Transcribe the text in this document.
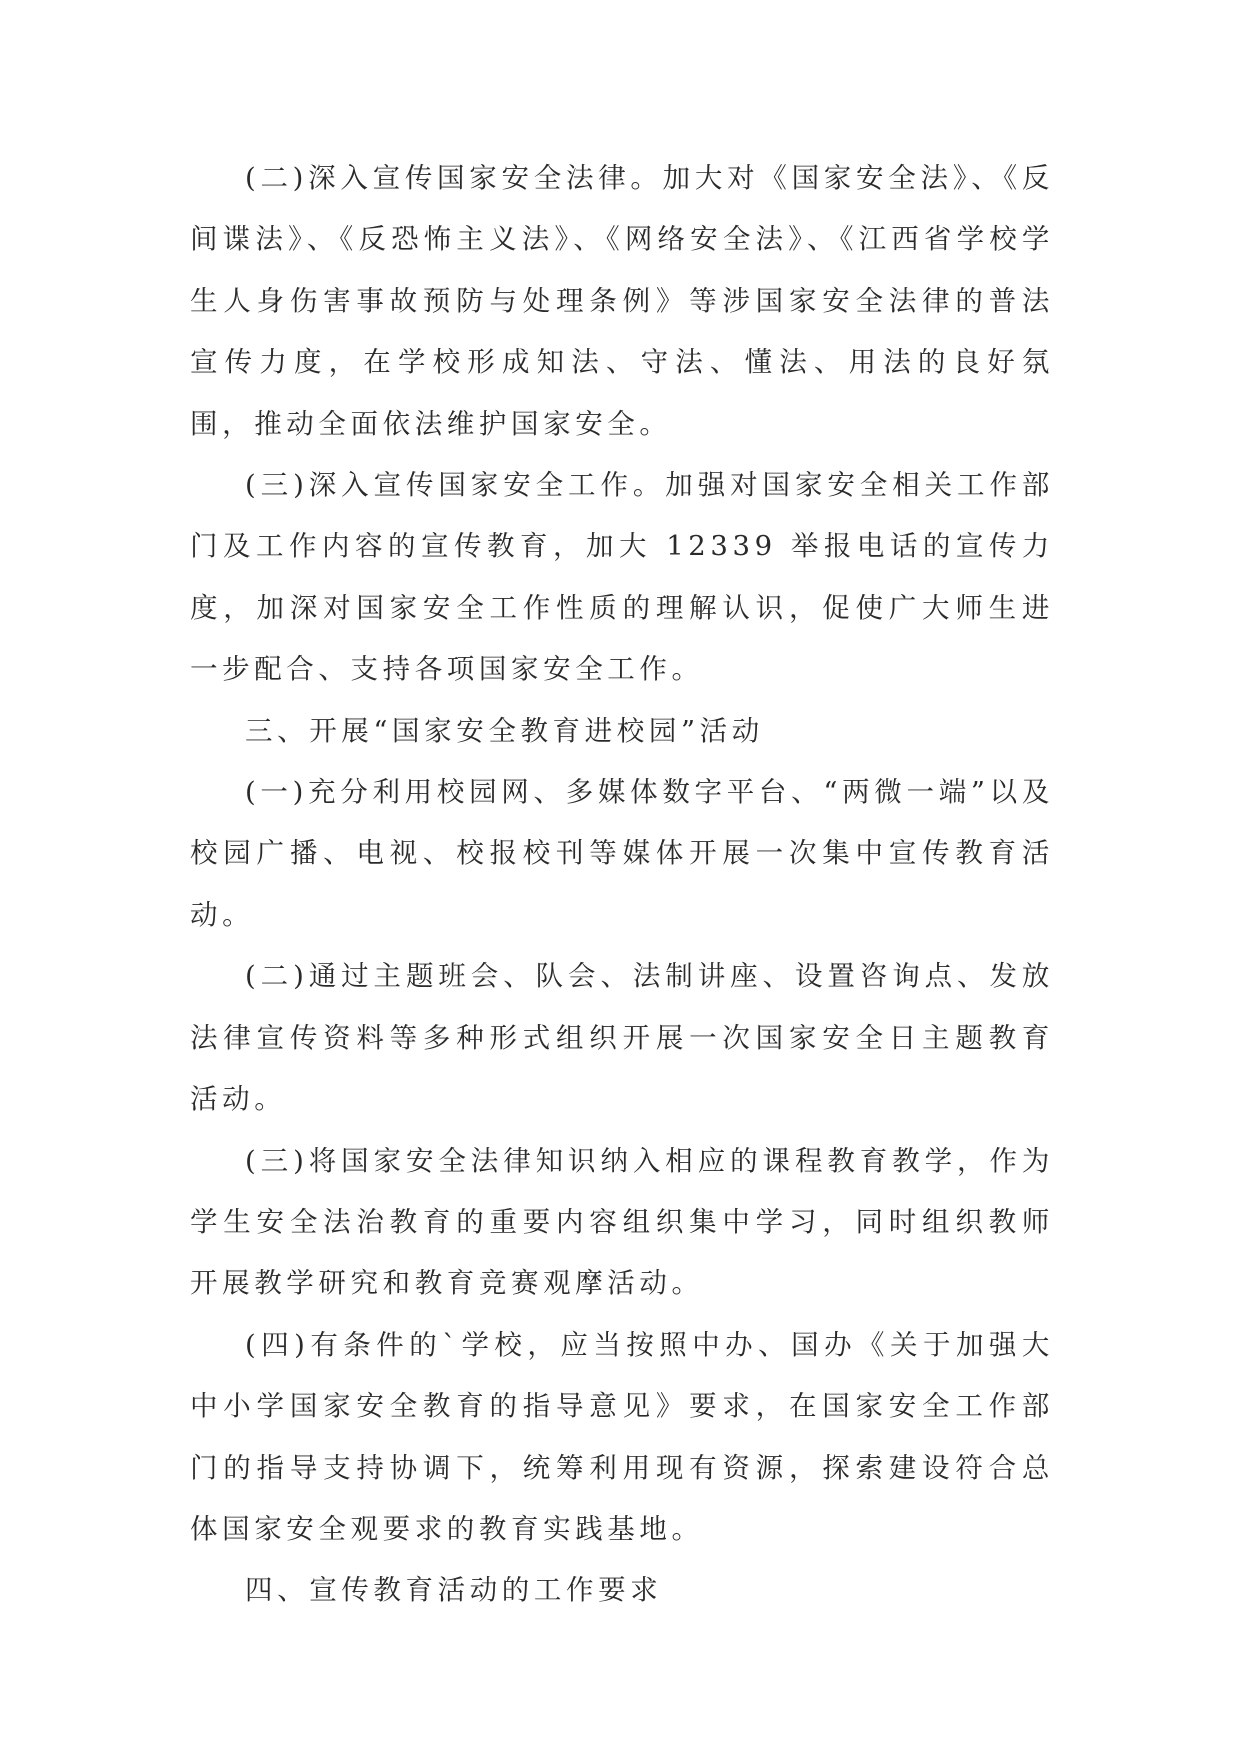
(二)深入宣传国家安全法律。加大对《国家安全法》、《反间谍法》、《反恐怖主义法》、《网络安全法》、《江西省学校学生人身伤害事故预防与处理条例》等涉国家安全法律的普法宣传力度，在学校形成知法、守法、懂法、用法的良好氛围，推动全面依法维护国家安全。

(三)深入宣传国家安全工作。加强对国家安全相关工作部门及工作内容的宣传教育，加大 12339 举报电话的宣传力度，加深对国家安全工作性质的理解认识，促使广大师生进一步配合、支持各项国家安全工作。

三、开展“国家安全教育进校园”活动

(一)充分利用校园网、多媒体数字平台、“两微一端”以及校园广播、电视、校报校刊等媒体开展一次集中宣传教育活动。

(二)通过主题班会、队会、法制讲座、设置咨询点、发放法律宣传资料等多种形式组织开展一次国家安全日主题教育活动。

(三)将国家安全法律知识纳入相应的课程教育教学，作为学生安全法治教育的重要内容组织集中学习，同时组织教师开展教学研究和教育竞赛观摩活动。

(四)有条件的`学校，应当按照中办、国办《关于加强大中小学国家安全教育的指导意见》要求，在国家安全工作部门的指导支持协调下，统筹利用现有资源，探索建设符合总体国家安全观要求的教育实践基地。

四、宣传教育活动的工作要求
